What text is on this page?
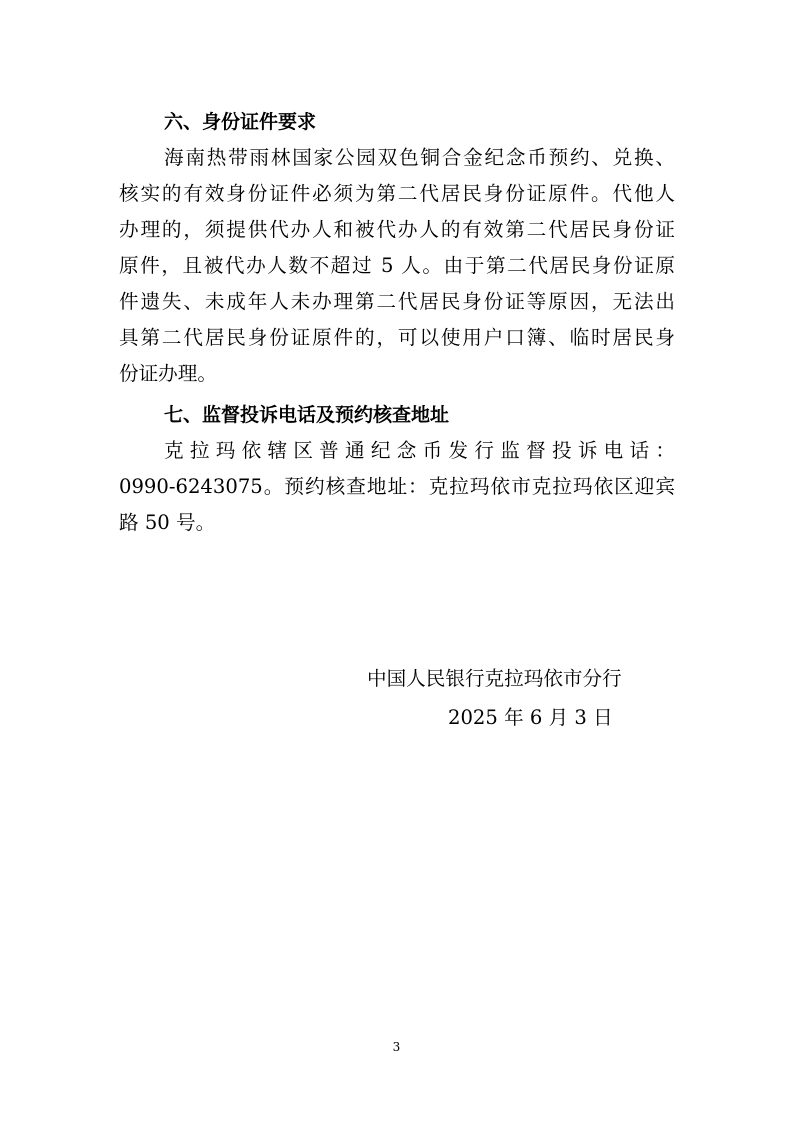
六、身份证件要求
海南热带雨林国家公园双色铜合金纪念币预约、兑换、
核实的有效身份证件必须为第二代居民身份证原件。代他人
办理的，须提供代办人和被代办人的有效第二代居民身份证
原件，且被代办人数不超过 5 人。由于第二代居民身份证原
件遗失、未成年人未办理第二代居民身份证等原因，无法出
具第二代居民身份证原件的，可以使用户口簿、临时居民身
份证办理。
七、监督投诉电话及预约核查地址
克拉玛依辖区普通纪念币发行监督投诉电话：
0990-6243075。预约核查地址：克拉玛依市克拉玛依区迎宾
路 50 号。
中国人民银行克拉玛依市分行
2025 年 6 月 3 日
3
